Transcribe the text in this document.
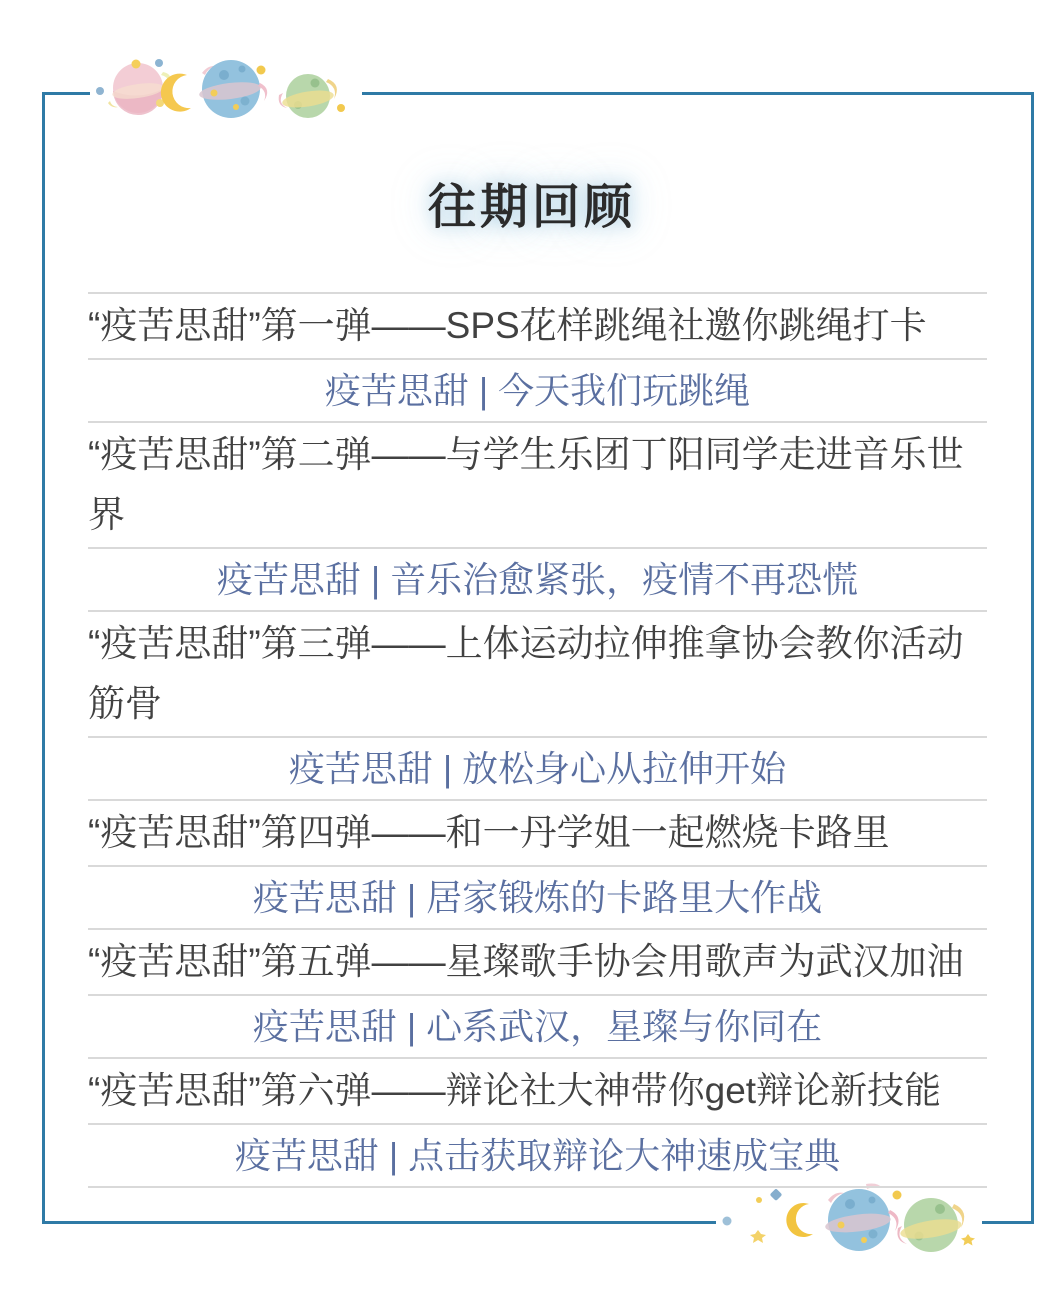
往期回顾
“疫苦思甜”第一弹——SPS花样跳绳社邀你跳绳打卡
疫苦思甜 | 今天我们玩跳绳
“疫苦思甜”第二弹——与学生乐团丁阳同学走进音乐世界
疫苦思甜 | 音乐治愈紧张，疫情不再恐慌
“疫苦思甜”第三弹——上体运动拉伸推拿协会教你活动筋骨
疫苦思甜 | 放松身心从拉伸开始
“疫苦思甜”第四弹——和一丹学姐一起燃烧卡路里
疫苦思甜 | 居家锻炼的卡路里大作战
“疫苦思甜”第五弹——星璨歌手协会用歌声为武汉加油
疫苦思甜 | 心系武汉，星璨与你同在
“疫苦思甜”第六弹——辩论社大神带你get辩论新技能
疫苦思甜 | 点击获取辩论大神速成宝典
